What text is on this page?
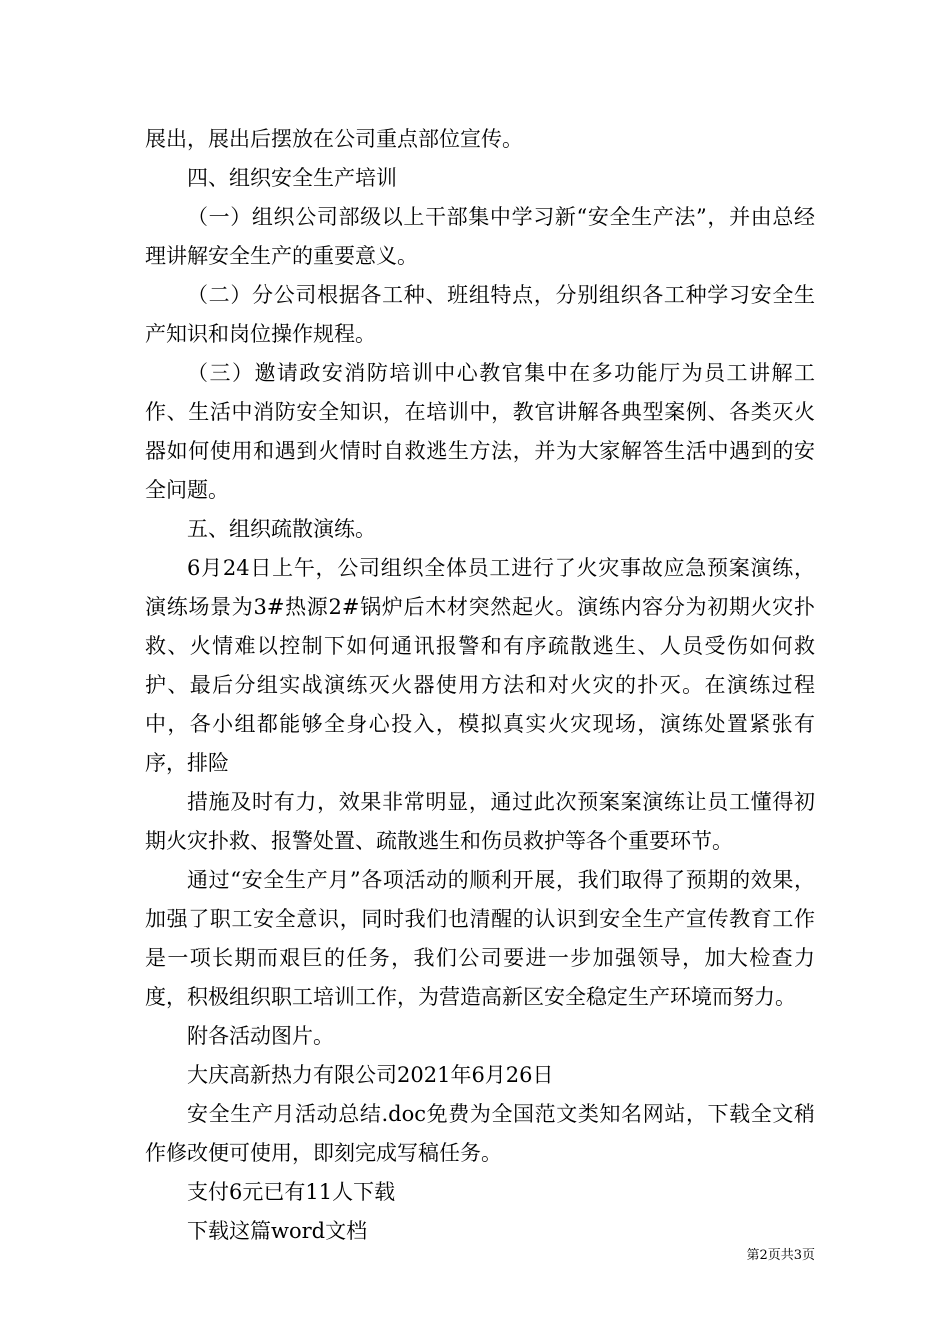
展出，展出后摆放在公司重点部位宣传。

四、组织安全生产培训

（一）组织公司部级以上干部集中学习新“安全生产法”，并由总经理讲解安全生产的重要意义。

（二）分公司根据各工种、班组特点，分别组织各工种学习安全生产知识和岗位操作规程。

（三）邀请政安消防培训中心教官集中在多功能厅为员工讲解工作、生活中消防安全知识，在培训中，教官讲解各典型案例、各类灭火器如何使用和遇到火情时自救逃生方法，并为大家解答生活中遇到的安全问题。

五、组织疏散演练。

6月24日上午，公司组织全体员工进行了火灾事故应急预案演练，演练场景为3#热源2#锅炉后木材突然起火。演练内容分为初期火灾扑救、火情难以控制下如何通讯报警和有序疏散逃生、人员受伤如何救护、最后分组实战演练灭火器使用方法和对火灾的扑灭。在演练过程中，各小组都能够全身心投入，模拟真实火灾现场，演练处置紧张有序，排险

措施及时有力，效果非常明显，通过此次预案案演练让员工懂得初期火灾扑救、报警处置、疏散逃生和伤员救护等各个重要环节。

通过“安全生产月”各项活动的顺利开展，我们取得了预期的效果，加强了职工安全意识，同时我们也清醒的认识到安全生产宣传教育工作是一项长期而艰巨的任务，我们公司要进一步加强领导，加大检查力度，积极组织职工培训工作，为营造高新区安全稳定生产环境而努力。

附各活动图片。

大庆高新热力有限公司2021年6月26日

安全生产月活动总结.doc免费为全国范文类知名网站，下载全文稍作修改便可使用，即刻完成写稿任务。

支付6元已有11人下载

下载这篇word文档

第2页共3页
